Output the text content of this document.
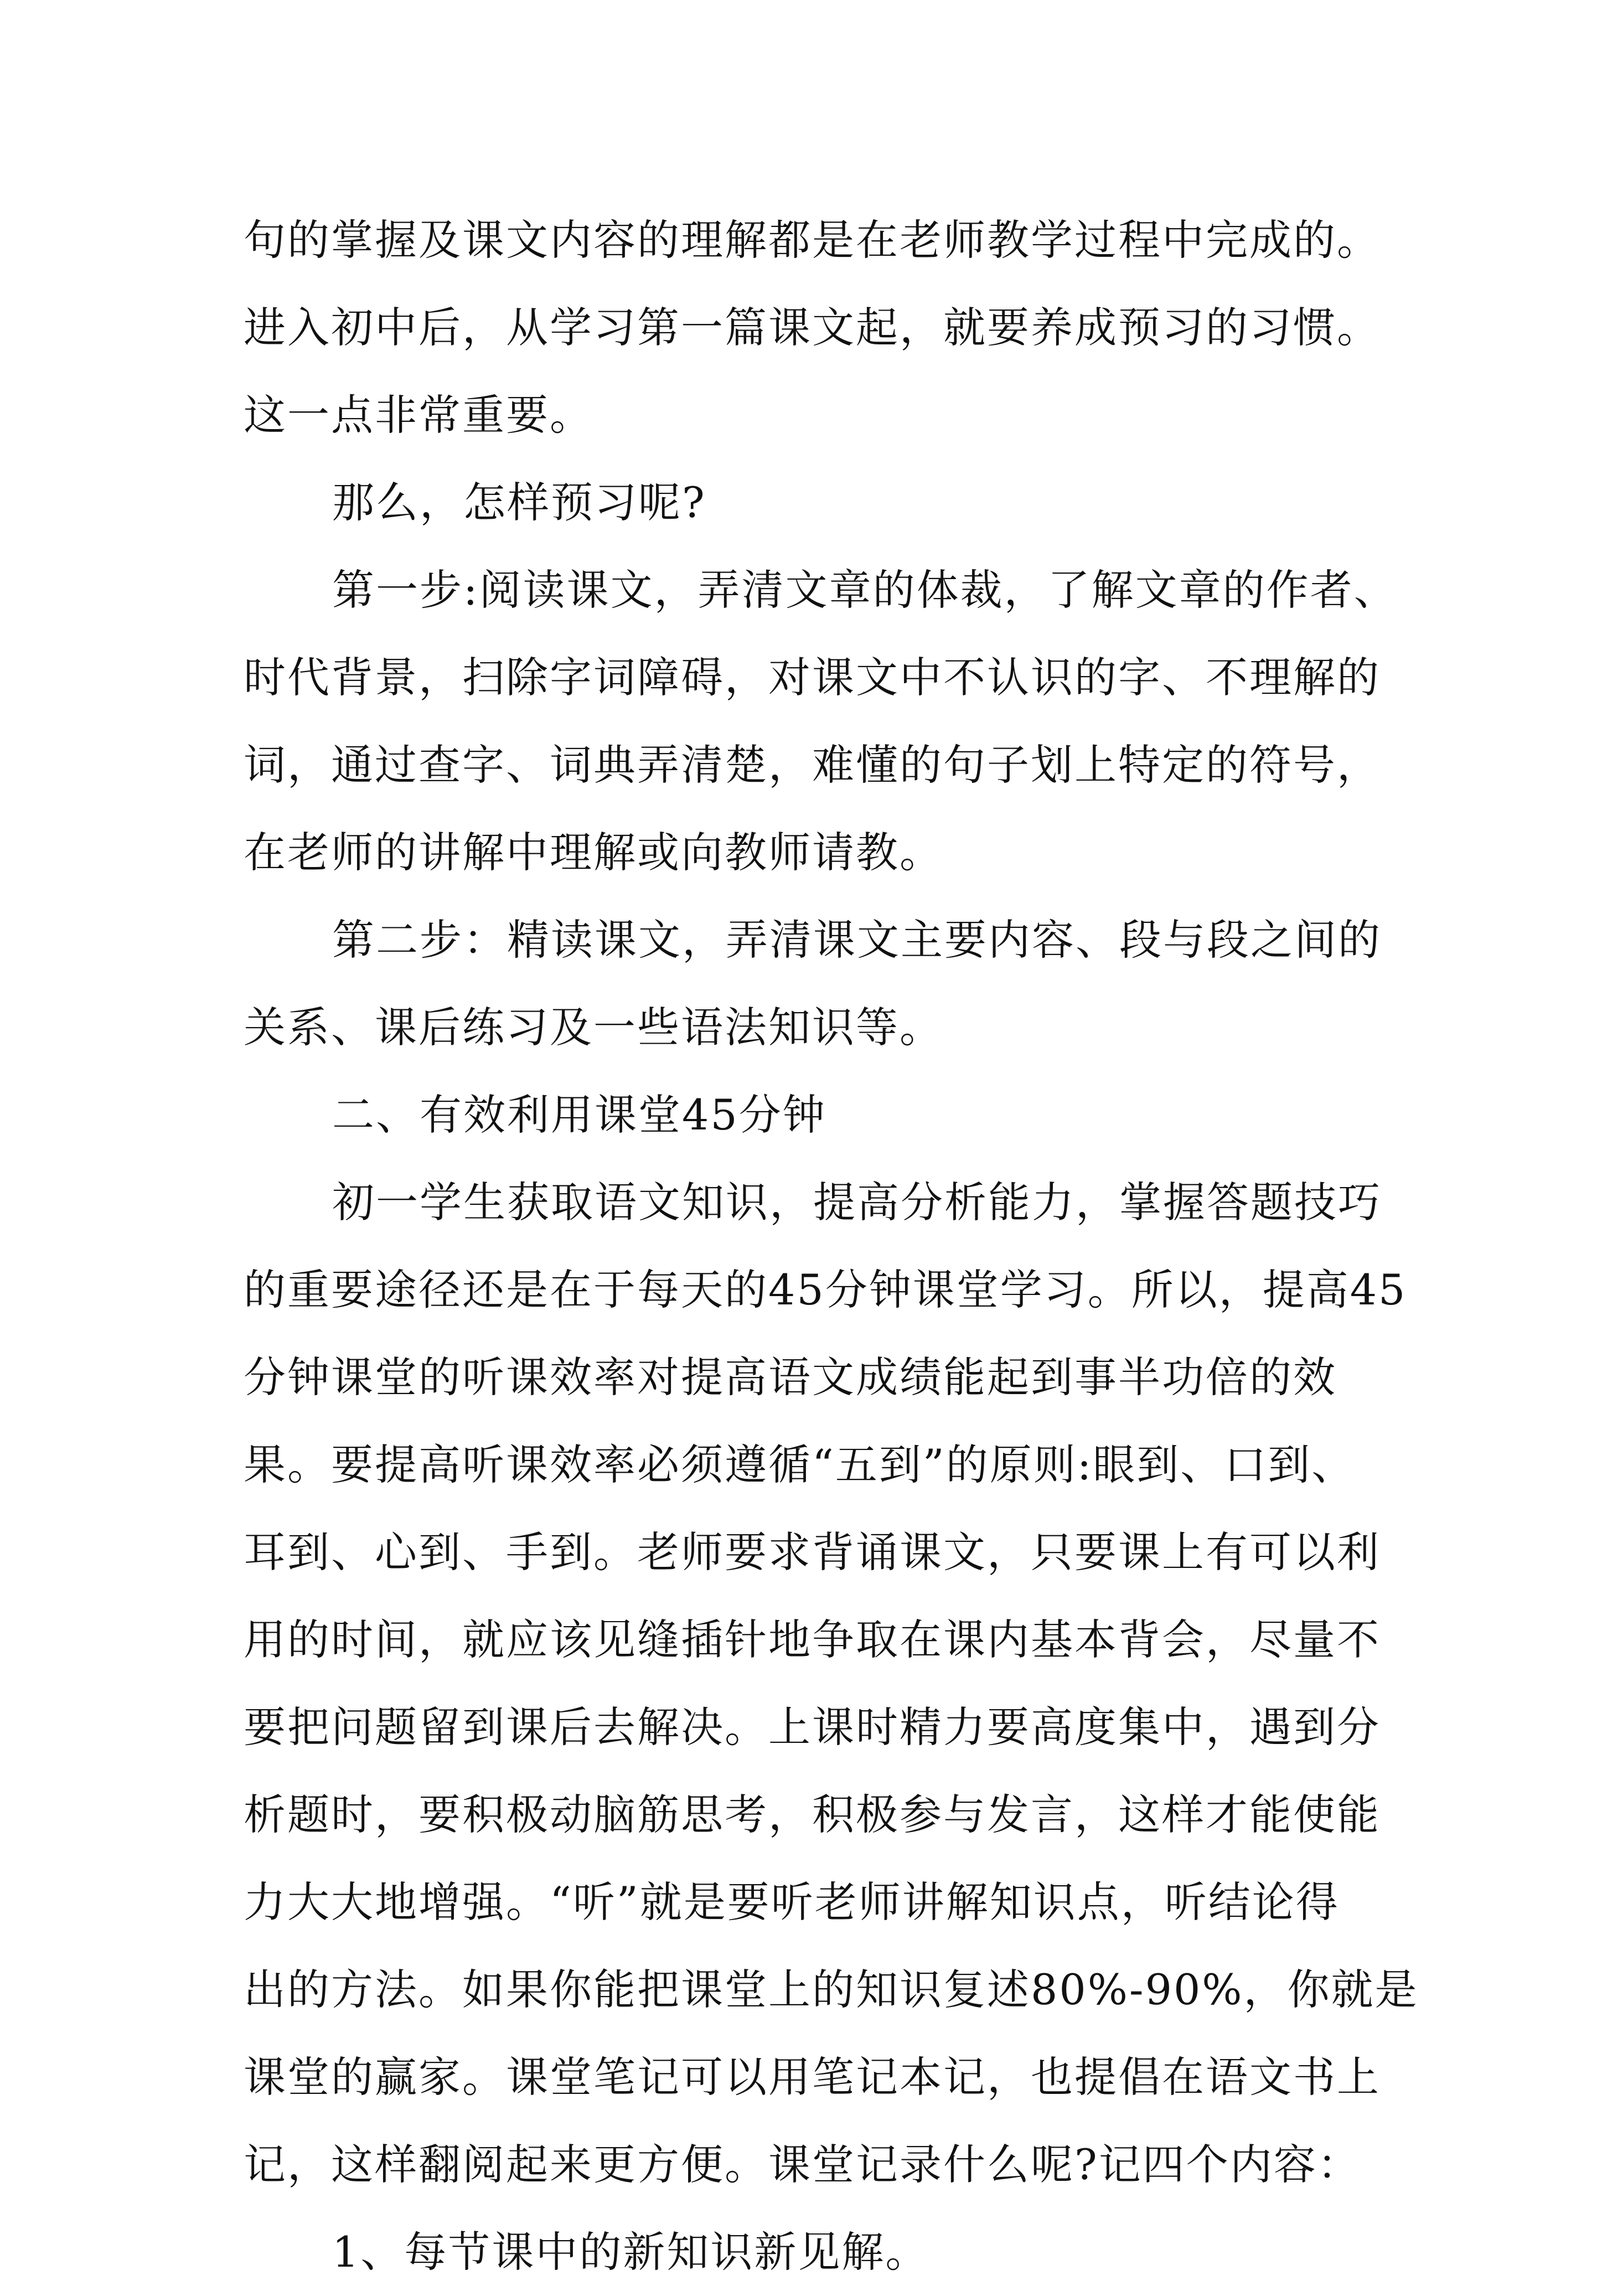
句的掌握及课文内容的理解都是在老师教学过程中完成的。
进入初中后，从学习第一篇课文起，就要养成预习的习惯。
这一点非常重要。
那么，怎样预习呢?
第一步:阅读课文，弄清文章的体裁，了解文章的作者、
时代背景，扫除字词障碍，对课文中不认识的字、不理解的
词，通过查字、词典弄清楚，难懂的句子划上特定的符号，
在老师的讲解中理解或向教师请教。
第二步：精读课文，弄清课文主要内容、段与段之间的
关系、课后练习及一些语法知识等。
二、有效利用课堂45分钟
初一学生获取语文知识，提高分析能力，掌握答题技巧
的重要途径还是在于每天的45分钟课堂学习。所以，提高45
分钟课堂的听课效率对提高语文成绩能起到事半功倍的效
果。要提高听课效率必须遵循“五到”的原则:眼到、口到、
耳到、心到、手到。老师要求背诵课文，只要课上有可以利
用的时间，就应该见缝插针地争取在课内基本背会，尽量不
要把问题留到课后去解决。上课时精力要高度集中，遇到分
析题时，要积极动脑筋思考，积极参与发言，这样才能使能
力大大地增强。“听”就是要听老师讲解知识点，听结论得
出的方法。如果你能把课堂上的知识复述80%-90%，你就是
课堂的赢家。课堂笔记可以用笔记本记，也提倡在语文书上
记，这样翻阅起来更方便。课堂记录什么呢?记四个内容：
1、每节课中的新知识新见解。
